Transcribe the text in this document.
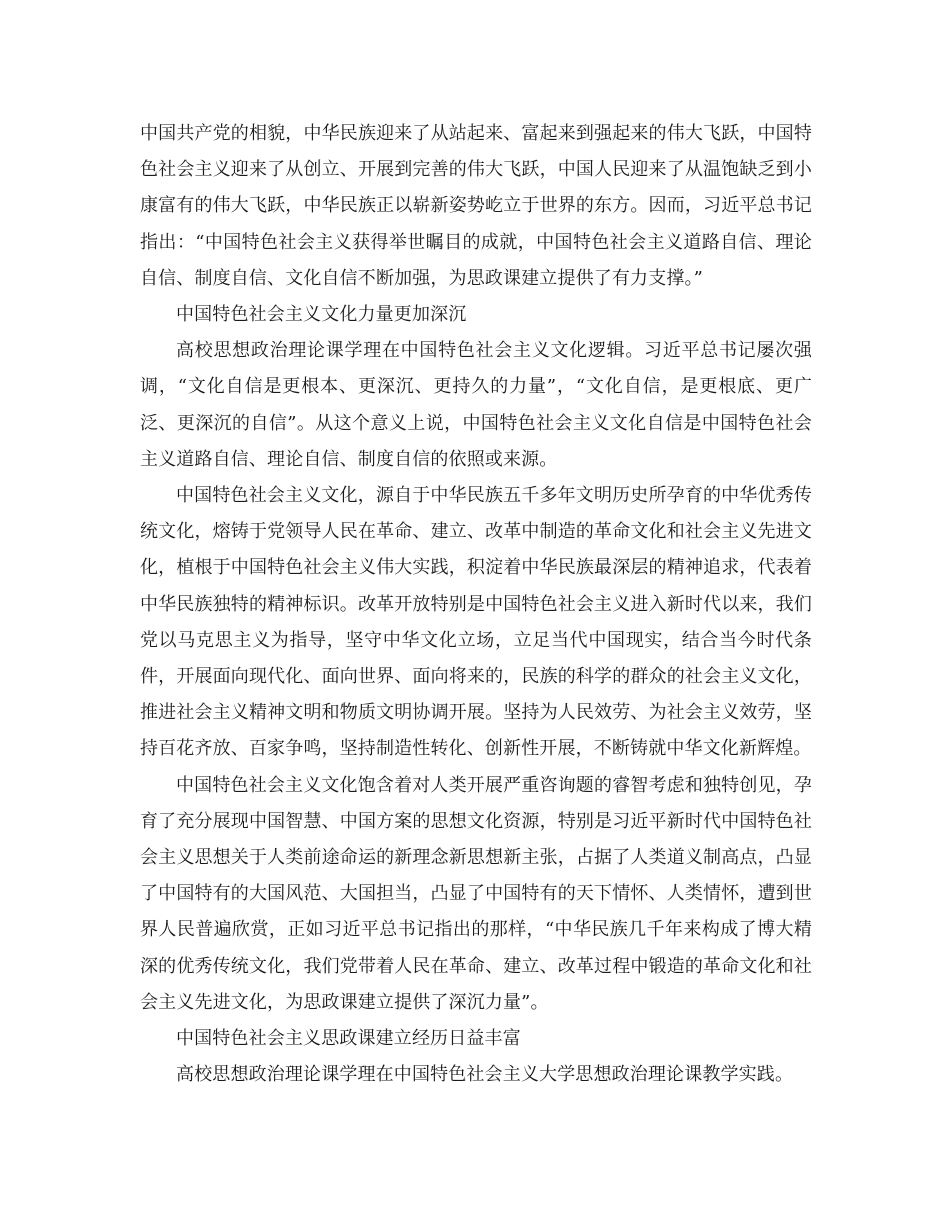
中国共产党的相貌，中华民族迎来了从站起来、富起来到强起来的伟大飞跃，中国特色社会主义迎来了从创立、开展到完善的伟大飞跃，中国人民迎来了从温饱缺乏到小康富有的伟大飞跃，中华民族正以崭新姿势屹立于世界的东方。因而，习近平总书记指出：“中国特色社会主义获得举世瞩目的成就，中国特色社会主义道路自信、理论自信、制度自信、文化自信不断加强，为思政课建立提供了有力支撑。”

中国特色社会主义文化力量更加深沉

高校思想政治理论课学理在中国特色社会主义文化逻辑。习近平总书记屡次强调，“文化自信是更根本、更深沉、更持久的力量”，“文化自信，是更根底、更广泛、更深沉的自信”。从这个意义上说，中国特色社会主义文化自信是中国特色社会主义道路自信、理论自信、制度自信的依照或来源。

中国特色社会主义文化，源自于中华民族五千多年文明历史所孕育的中华优秀传统文化，熔铸于党领导人民在革命、建立、改革中制造的革命文化和社会主义先进文化，植根于中国特色社会主义伟大实践，积淀着中华民族最深层的精神追求，代表着中华民族独特的精神标识。改革开放特别是中国特色社会主义进入新时代以来，我们党以马克思主义为指导，坚守中华文化立场，立足当代中国现实，结合当今时代条件，开展面向现代化、面向世界、面向将来的，民族的科学的群众的社会主义文化，推进社会主义精神文明和物质文明协调开展。坚持为人民效劳、为社会主义效劳，坚持百花齐放、百家争鸣，坚持制造性转化、创新性开展，不断铸就中华文化新辉煌。

中国特色社会主义文化饱含着对人类开展严重咨询题的睿智考虑和独特创见，孕育了充分展现中国智慧、中国方案的思想文化资源，特别是习近平新时代中国特色社会主义思想关于人类前途命运的新理念新思想新主张，占据了人类道义制高点，凸显了中国特有的大国风范、大国担当，凸显了中国特有的天下情怀、人类情怀，遭到世界人民普遍欣赏，正如习近平总书记指出的那样，“中华民族几千年来构成了博大精深的优秀传统文化，我们党带着人民在革命、建立、改革过程中锻造的革命文化和社会主义先进文化，为思政课建立提供了深沉力量”。

中国特色社会主义思政课建立经历日益丰富

高校思想政治理论课学理在中国特色社会主义大学思想政治理论课教学实践。
